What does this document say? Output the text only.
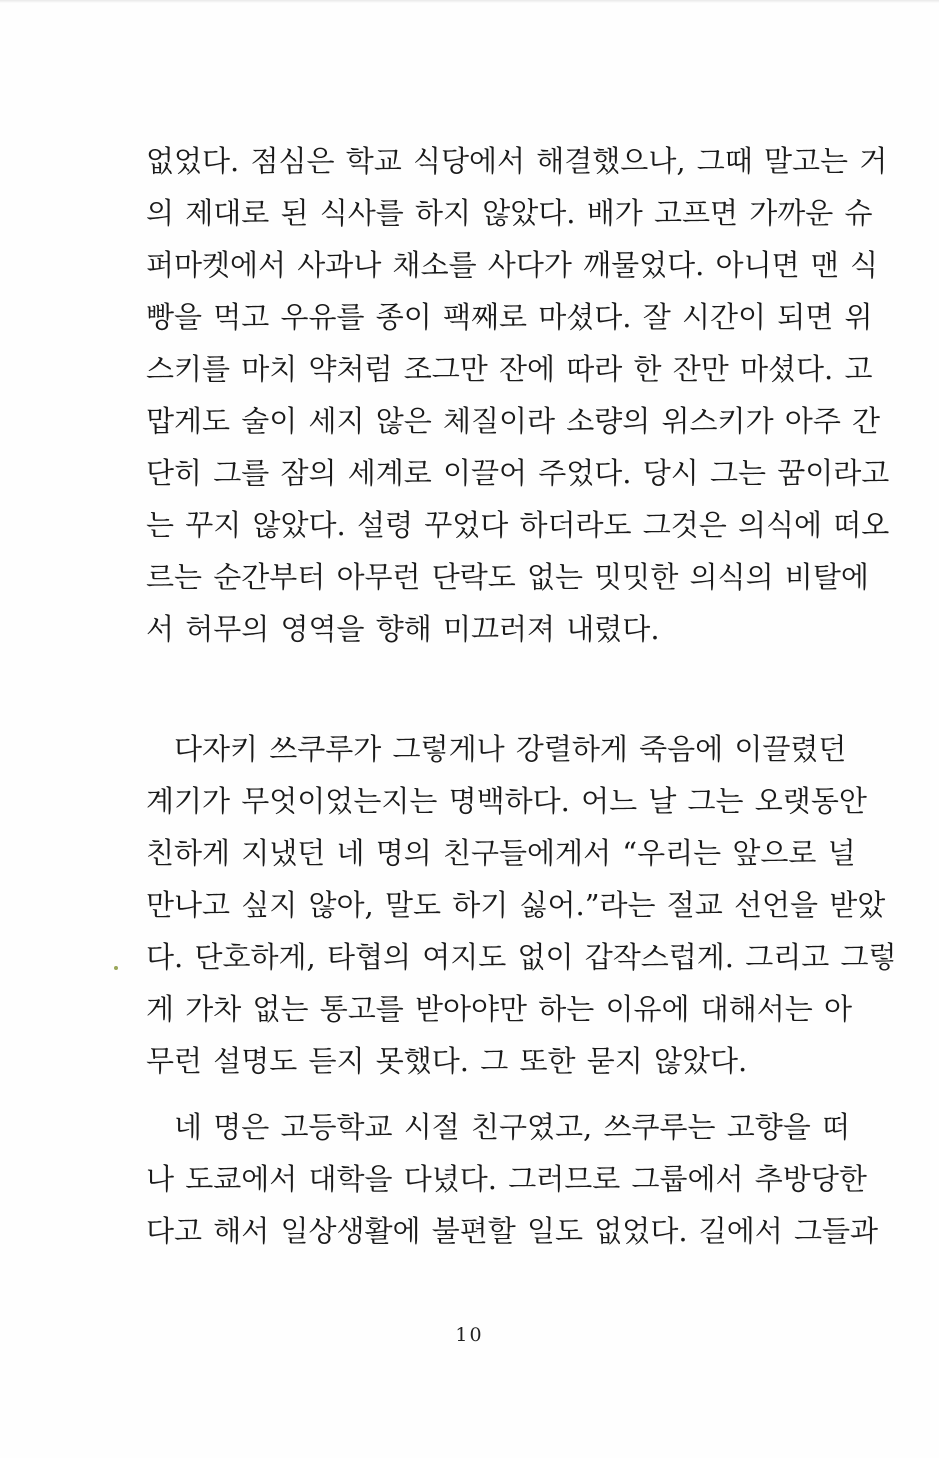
없었다. 점심은 학교 식당에서 해결했으나, 그때 말고는 거
의 제대로 된 식사를 하지 않았다. 배가 고프면 가까운 슈
퍼마켓에서 사과나 채소를 사다가 깨물었다. 아니면 맨 식
빵을 먹고 우유를 종이 팩째로 마셨다. 잘 시간이 되면 위
스키를 마치 약처럼 조그만 잔에 따라 한 잔만 마셨다. 고
맙게도 술이 세지 않은 체질이라 소량의 위스키가 아주 간
단히 그를 잠의 세계로 이끌어 주었다. 당시 그는 꿈이라고
는 꾸지 않았다. 설령 꾸었다 하더라도 그것은 의식에 떠오
르는 순간부터 아무런 단락도 없는 밋밋한 의식의 비탈에
서 허무의 영역을 향해 미끄러져 내렸다.
다자키 쓰쿠루가 그렇게나 강렬하게 죽음에 이끌렸던
계기가 무엇이었는지는 명백하다. 어느 날 그는 오랫동안
친하게 지냈던 네 명의 친구들에게서 “우리는 앞으로 널
만나고 싶지 않아, 말도 하기 싫어.”라는 절교 선언을 받았
다. 단호하게, 타협의 여지도 없이 갑작스럽게. 그리고 그렇
게 가차 없는 통고를 받아야만 하는 이유에 대해서는 아
무런 설명도 듣지 못했다. 그 또한 묻지 않았다.
네 명은 고등학교 시절 친구였고, 쓰쿠루는 고향을 떠
나 도쿄에서 대학을 다녔다. 그러므로 그룹에서 추방당한
다고 해서 일상생활에 불편할 일도 없었다. 길에서 그들과
10
